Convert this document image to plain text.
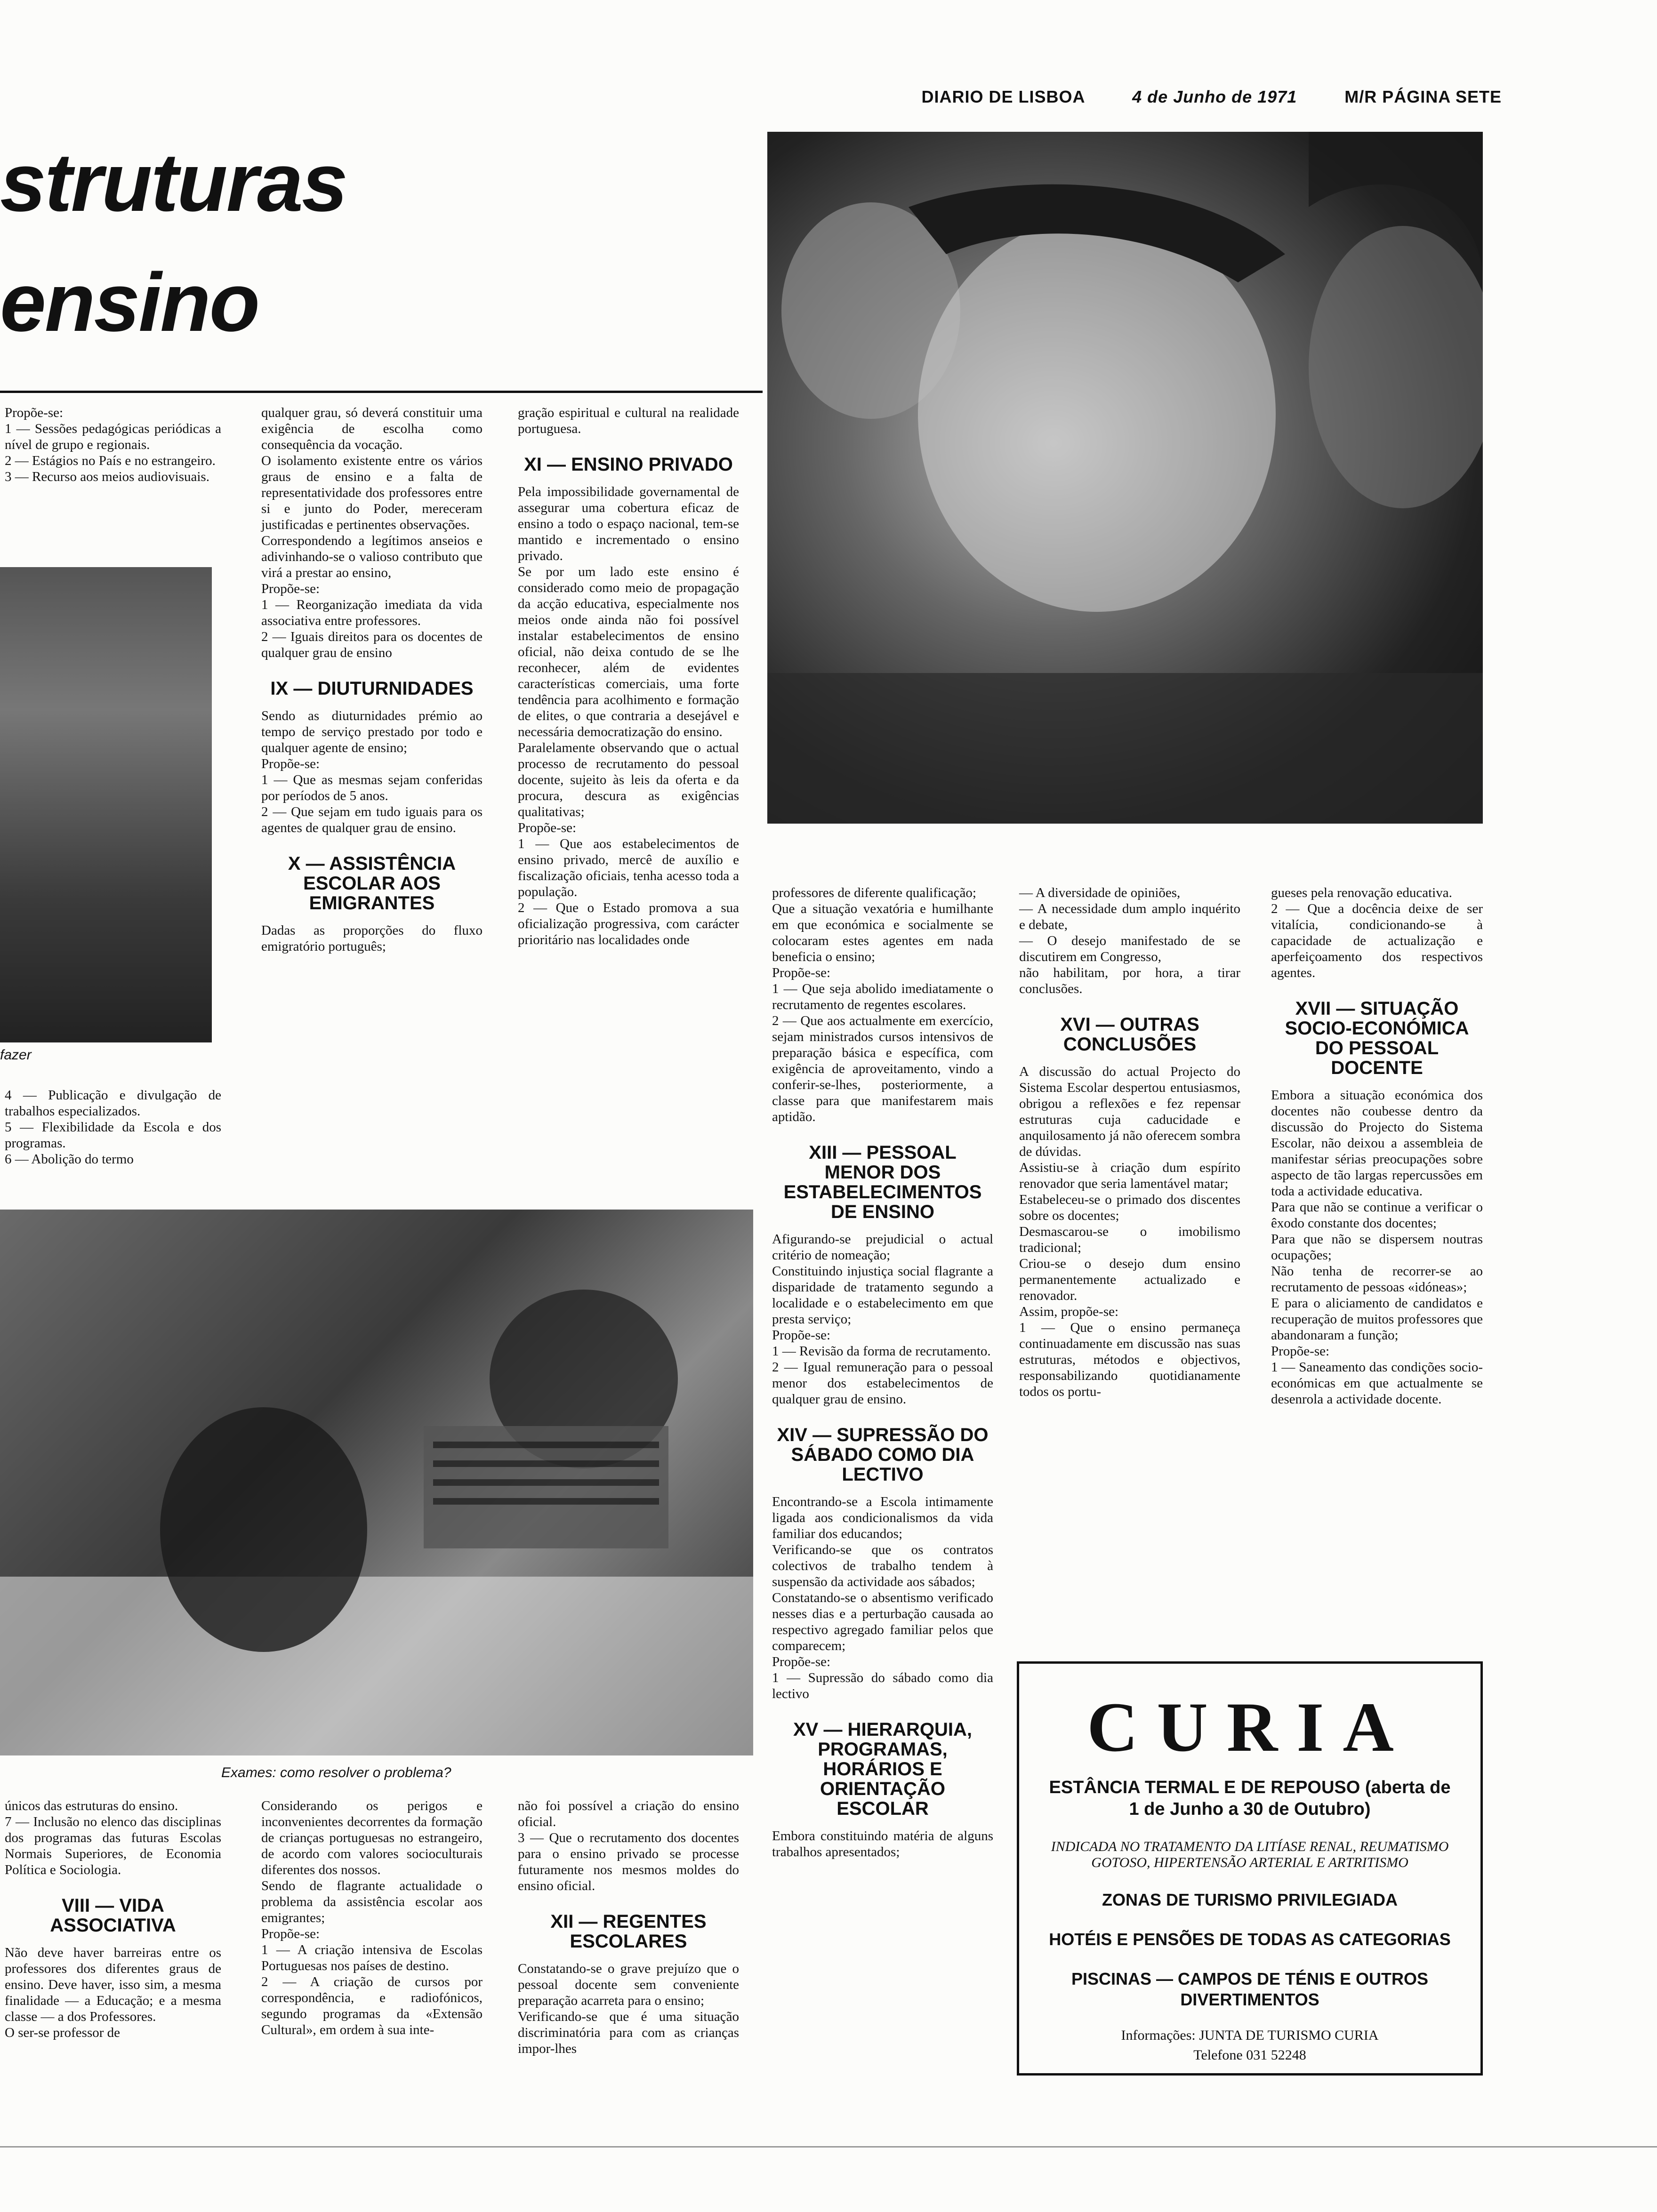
DIARIO DE LISBOA	4 de Junho de 1971	M/R PÁGINA SETE
struturas
ensino
fazer

Propõe-se:

1 — Sessões pedagógicas periódicas a nível de grupo e regionais.

2 — Estágios no País e no estrangeiro.

3 — Recurso aos meios audiovisuais.

4 — Publicação e divulgação de trabalhos especializados.

5 — Flexibilidade da Escola e dos programas.

6 — Abolição do termo

qualquer grau, só deverá constituir uma exigência de escolha como consequência da vocação.

O isolamento existente entre os vários graus de ensino e a falta de representatividade dos professores entre si e junto do Poder, mereceram justificadas e pertinentes observações.

Correspondendo a legítimos anseios e adivinhando-se o valioso contributo que virá a prestar ao ensino,

Propõe-se:

1 — Reorganização imediata da vida associativa entre professores.

2 — Iguais direitos para os docentes de qualquer grau de ensino

IX — DIUTURNIDADES

Sendo as diuturnidades prémio ao tempo de serviço prestado por todo e qualquer agente de ensino;

Propõe-se:

1 — Que as mesmas sejam conferidas por períodos de 5 anos.

2 — Que sejam em tudo iguais para os agentes de qualquer grau de ensino.

X — ASSISTÊNCIA ESCOLAR AOS EMIGRANTES

Dadas as proporções do fluxo emigratório português;

gração espiritual e cultural na realidade portuguesa.

XI — ENSINO PRIVADO

Pela impossibilidade governamental de assegurar uma cobertura eficaz de ensino a todo o espaço nacional, tem-se mantido e incrementado o ensino privado.

Se por um lado este ensino é considerado como meio de propagação da acção educativa, especialmente nos meios onde ainda não foi possível instalar estabelecimentos de ensino oficial, não deixa contudo de se lhe reconhecer, além de evidentes características comerciais, uma forte tendência para acolhimento e formação de elites, o que contraria a desejável e necessária democratização do ensino.

Paralelamente observando que o actual processo de recrutamento do pessoal docente, sujeito às leis da oferta e da procura, descura as exigências qualitativas;

Propõe-se:

1 — Que aos estabelecimentos de ensino privado, mercê de auxílio e fiscalização oficiais, tenha acesso toda a população.

2 — Que o Estado promova a sua oficialização progressiva, com carácter prioritário nas localidades onde

Exames: como resolver o problema?

únicos das estruturas do ensino.

7 — Inclusão no elenco das disciplinas dos programas das futuras Escolas Normais Superiores, de Economia Política e Sociologia.

VIII — VIDA ASSOCIATIVA

Não deve haver barreiras entre os professores dos diferentes graus de ensino. Deve haver, isso sim, a mesma finalidade — a Educação; e a mesma classe — a dos Professores.

O ser-se professor de

Considerando os perigos e inconvenientes decorrentes da formação de crianças portuguesas no estrangeiro, de acordo com valores socioculturais diferentes dos nossos.

Sendo de flagrante actualidade o problema da assistência escolar aos emigrantes;

Propõe-se:

1 — A criação intensiva de Escolas Portuguesas nos países de destino.

2 — A criação de cursos por correspondência, e radiofónicos, segundo programas da «Extensão Cultural», em ordem à sua inte-

não foi possível a criação do ensino oficial.

3 — Que o recrutamento dos docentes para o ensino privado se processe futuramente nos mesmos moldes do ensino oficial.

XII — REGENTES ESCOLARES

Constatando-se o grave prejuízo que o pessoal docente sem conveniente preparação acarreta para o ensino;

Verificando-se que é uma situação discriminatória para com as crianças impor-lhes

professores de diferente qualificação;

Que a situação vexatória e humilhante em que económica e socialmente se colocaram estes agentes em nada beneficia o ensino;

Propõe-se:

1 — Que seja abolido imediatamente o recrutamento de regentes escolares.

2 — Que aos actualmente em exercício, sejam ministrados cursos intensivos de preparação básica e específica, com exigência de aproveitamento, vindo a conferir-se-lhes, posteriormente, a classe para que manifestarem mais aptidão.

XIII — PESSOAL MENOR DOS ESTABELECIMENTOS DE ENSINO

Afigurando-se prejudicial o actual critério de nomeação;

Constituindo injustiça social flagrante a disparidade de tratamento segundo a localidade e o estabelecimento em que presta serviço;

Propõe-se:

1 — Revisão da forma de recrutamento.

2 — Igual remuneração para o pessoal menor dos estabelecimentos de qualquer grau de ensino.

XIV — SUPRESSÃO DO SÁBADO COMO DIA LECTIVO

Encontrando-se a Escola intimamente ligada aos condicionalismos da vida familiar dos educandos;

Verificando-se que os contratos colectivos de trabalho tendem à suspensão da actividade aos sábados;

Constatando-se o absentismo verificado nesses dias e a perturbação causada ao respectivo agregado familiar pelos que comparecem;

Propõe-se:

1 — Supressão do sábado como dia lectivo

XV — HIERARQUIA, PROGRAMAS, HORÁRIOS E ORIENTAÇÃO ESCOLAR

Embora constituindo matéria de alguns trabalhos apresentados;

— A diversidade de opiniões,

— A necessidade dum amplo inquérito e debate,

— O desejo manifestado de se discutirem em Congresso,

não habilitam, por hora, a tirar conclusões.

XVI — OUTRAS CONCLUSÕES

A discussão do actual Projecto do Sistema Escolar despertou entusiasmos, obrigou a reflexões e fez repensar estruturas cuja caducidade e anquilosamento já não oferecem sombra de dúvidas.

Assistiu-se à criação dum espírito renovador que seria lamentável matar;

Estabeleceu-se o primado dos discentes sobre os docentes;

Desmascarou-se o imobilismo tradicional;

Criou-se o desejo dum ensino permanentemente actualizado e renovador.

Assim, propõe-se:

1 — Que o ensino permaneça continuadamente em discussão nas suas estruturas, métodos e objectivos, responsabilizando quotidianamente todos os portu-

gueses pela renovação educativa.

2 — Que a docência deixe de ser vitalícia, condicionando-se à capacidade de actualização e aperfeiçoamento dos respectivos agentes.

XVII — SITUAÇÃO SOCIO-ECONÓMICA DO PESSOAL DOCENTE

Embora a situação económica dos docentes não coubesse dentro da discussão do Projecto do Sistema Escolar, não deixou a assembleia de manifestar sérias preocupações sobre aspecto de tão largas repercussões em toda a actividade educativa.

Para que não se continue a verificar o êxodo constante dos docentes;

Para que não se dispersem noutras ocupações;

Não tenha de recorrer-se ao recrutamento de pessoas «idóneas»;

E para o aliciamento de candidatos e recuperação de muitos professores que abandonaram a função;

Propõe-se:

1 — Saneamento das condições socio-económicas em que actualmente se desenrola a actividade docente.

CURIA
ESTÂNCIA TERMAL E DE REPOUSO (aberta de 1 de Junho a 30 de Outubro)
INDICADA NO TRATAMENTO DA LITÍASE RENAL, REUMATISMO GOTOSO, HIPERTENSÃO ARTERIAL E ARTRITISMO
ZONAS DE TURISMO PRIVILEGIADA
HOTÉIS E PENSÕES DE TODAS AS CATEGORIAS
PISCINAS — CAMPOS DE TÉNIS E OUTROS DIVERTIMENTOS
Informações: JUNTA DE TURISMO CURIA
Telefone 031 52248
